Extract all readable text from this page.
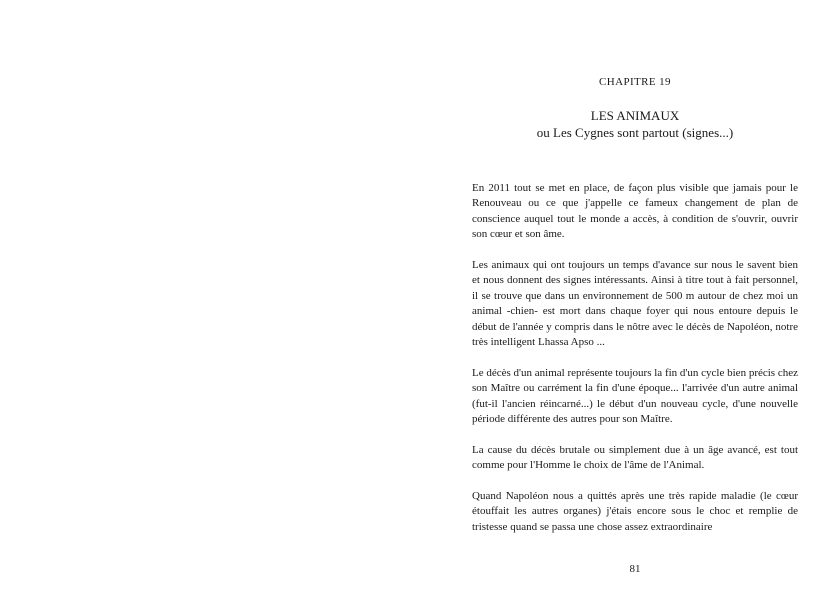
CHAPITRE 19
LES ANIMAUX
ou Les Cygnes sont partout (signes...)

En 2011 tout se met en place, de façon plus visible que jamais pour le Renouveau ou ce que j'appelle ce fameux changement de plan de conscience auquel tout le monde a accès, à condition de s'ouvrir, ouvrir son cœur et son âme.

Les animaux qui ont toujours un temps d'avance sur nous le savent bien et nous donnent des signes intéressants. Ainsi à titre tout à fait personnel, il se trouve que dans un environnement de 500 m autour de chez moi un animal -chien- est mort dans chaque foyer qui nous entoure depuis le début de l'année y compris dans le nôtre avec le décès de Napoléon, notre très intelligent Lhassa Apso ...

Le décès d'un animal représente toujours la fin d'un cycle bien précis chez son Maître ou carrément la fin d'une époque... l'arrivée d'un autre animal (fut-il l'ancien réincarné...) le début d'un nouveau cycle, d'une nouvelle période différente des autres pour son Maître.

La cause du décès brutale ou simplement due à un âge avancé, est tout comme pour l'Homme le choix de l'âme de l'Animal.

Quand Napoléon nous a quittés après une très rapide maladie (le cœur étouffait les autres organes) j'étais encore sous le choc et remplie de tristesse quand se passa une chose assez extraordinaire

81
